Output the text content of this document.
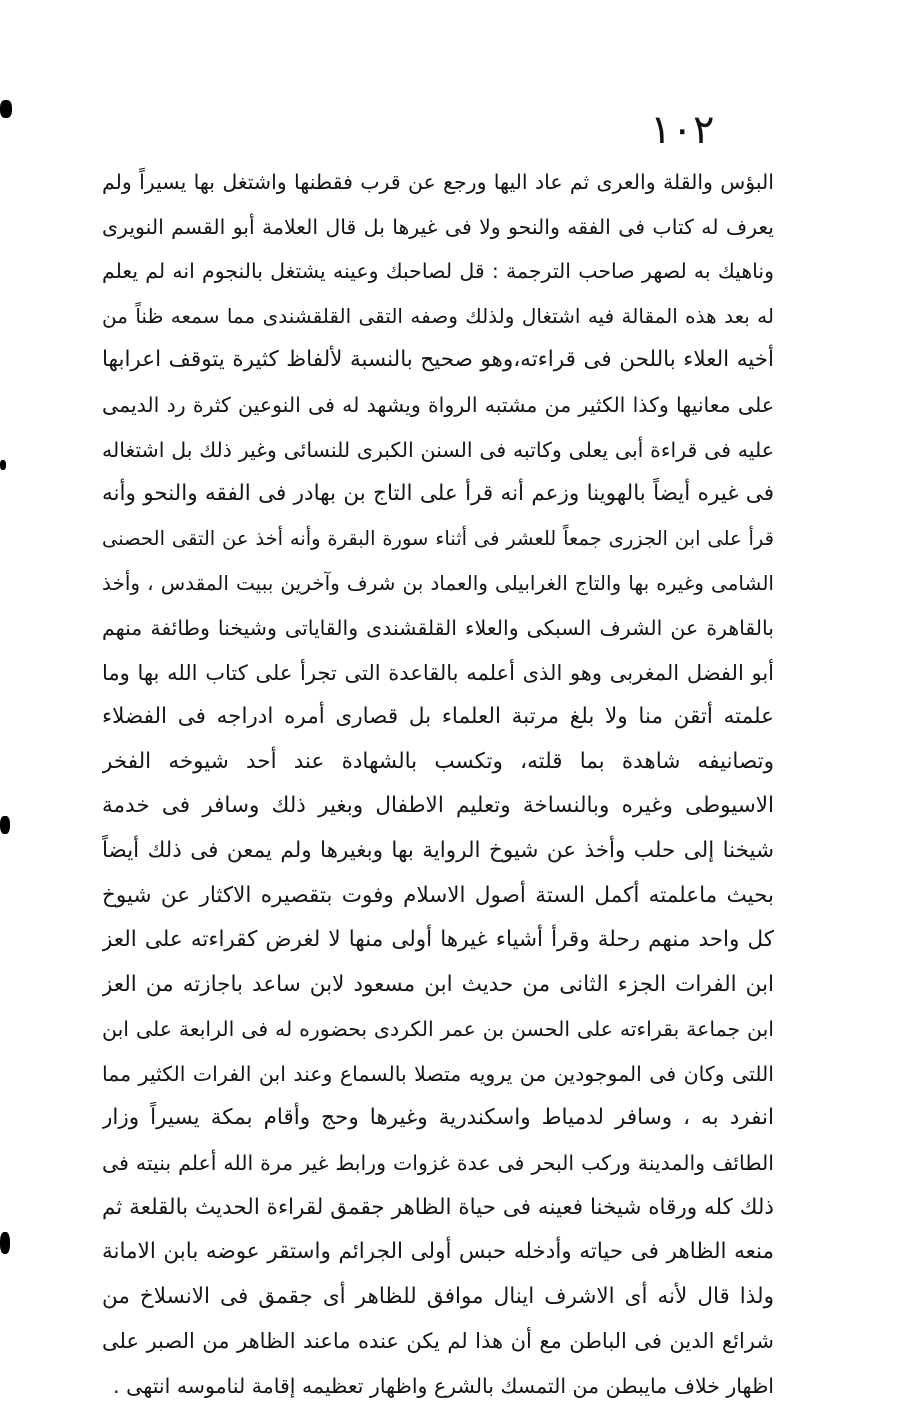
١٠٢
البؤس والقلة والعرى ثم عاد اليها ورجع عن قرب فقطنها واشتغل بها يسيراً ولم
يعرف له كتاب فى الفقه والنحو ولا فى غيرها بل قال العلامة أبو القسم النويرى
وناهيك به لصهر صاحب الترجمة : قل لصاحبك وعينه يشتغل بالنجوم انه لم يعلم
له بعد هذه المقالة فيه اشتغال ولذلك وصفه التقى القلقشندى مما سمعه ظناً من
أخيه العلاء باللحن فى قراءته،وهو صحيح بالنسبة لألفاظ كثيرة يتوقف اعرابها
على معانيها وكذا الكثير من مشتبه الرواة ويشهد له فى النوعين كثرة رد الديمى
عليه فى قراءة أبى يعلى وكاتبه فى السنن الكبرى للنسائى وغير ذلك بل اشتغاله
فى غيره أيضاً بالهوينا وزعم أنه قرأ على التاج بن بهادر فى الفقه والنحو وأنه
قرأ على ابن الجزرى جمعاً للعشر فى أثناء سورة البقرة وأنه أخذ عن التقى الحصنى
الشامى وغيره بها والتاج الغرابيلى والعماد بن شرف وآخرين ببيت المقدس ، وأخذ
بالقاهرة عن الشرف السبكى والعلاء القلقشندى والقاياتى وشيخنا وطائفة منهم
أبو الفضل المغربى وهو الذى أعلمه بالقاعدة التى تجرأ على كتاب الله بها وما
علمته أتقن منا ولا بلغ مرتبة العلماء بل قصارى أمره ادراجه فى الفضلاء
وتصانيفه شاهدة بما قلته، وتكسب بالشهادة عند أحد شيوخه الفخر
الاسيوطى وغيره وبالنساخة وتعليم الاطفال وبغير ذلك وسافر فى خدمة
شيخنا إلى حلب وأخذ عن شيوخ الرواية بها وبغيرها ولم يمعن فى ذلك أيضاً
بحيث ماعلمته أكمل الستة أصول الاسلام وفوت بتقصيره الاكثار عن شيوخ
كل واحد منهم رحلة وقرأ أشياء غيرها أولى منها لا لغرض كقراءته على العز
ابن الفرات الجزء الثانى من حديث ابن مسعود لابن ساعد باجازته من العز
ابن جماعة بقراءته على الحسن بن عمر الكردى بحضوره له فى الرابعة على ابن
اللتى وكان فى الموجودين من يرويه متصلا بالسماع وعند ابن الفرات الكثير مما
انفرد به ، وسافر لدمياط واسكندرية وغيرها وحج وأقام بمكة يسيراً وزار
الطائف والمدينة وركب البحر فى عدة غزوات ورابط غير مرة الله أعلم بنيته فى
ذلك كله ورقاه شيخنا فعينه فى حياة الظاهر جقمق لقراءة الحديث بالقلعة ثم
منعه الظاهر فى حياته وأدخله حبس أولى الجرائم واستقر عوضه بابن الامانة
ولذا قال لأنه أى الاشرف اينال موافق للظاهر أى جقمق فى الانسلاخ من
شرائع الدين فى الباطن مع أن هذا لم يكن عنده ماعند الظاهر من الصبر على
اظهار خلاف مايبطن من التمسك بالشرع واظهار تعظيمه إقامة لناموسه انتهى .
